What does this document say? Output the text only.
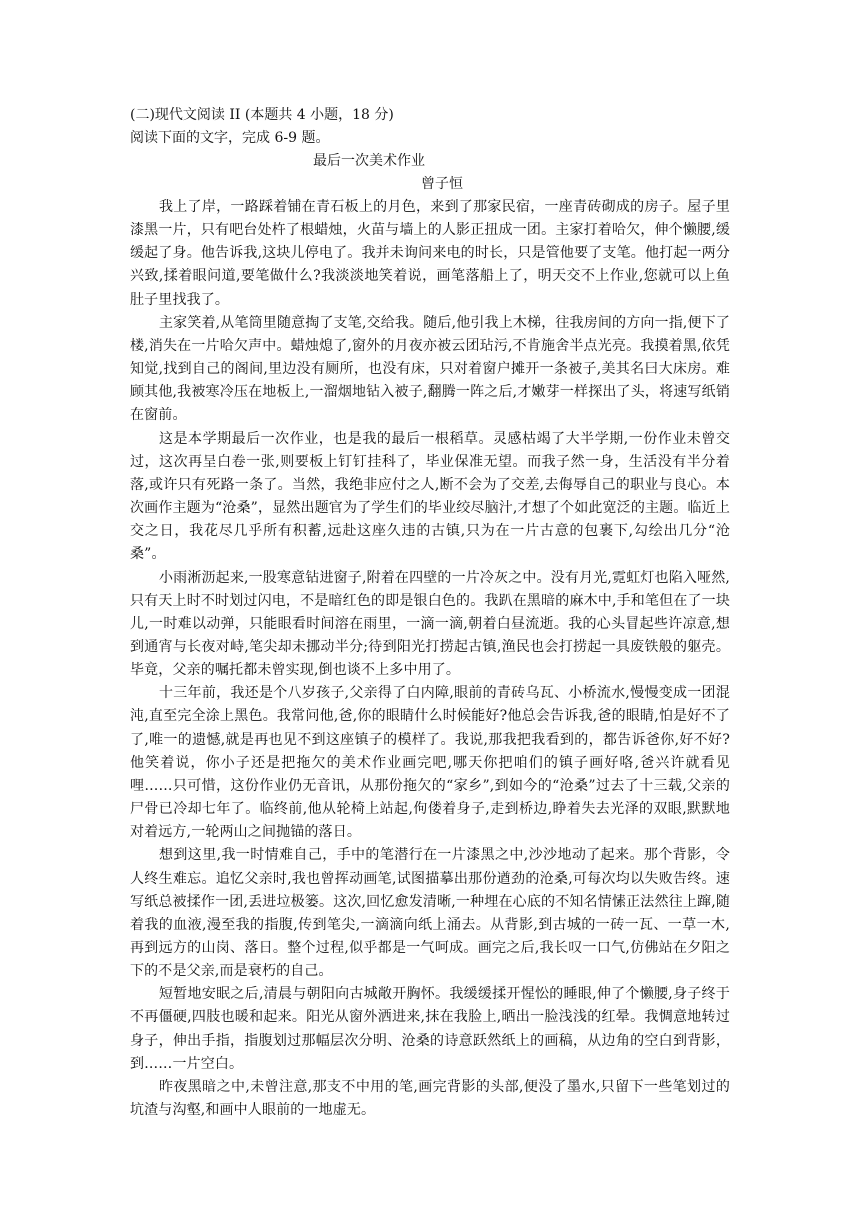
(二)现代文阅读 II (本题共 4 小题，18 分)

阅读下面的文字，完成 6-9 题。

最后一次美术作业

曾子恒

我上了岸，一路踩着铺在青石板上的月色，来到了那家民宿，一座青砖砌成的房子。屋子里漆黑一片，只有吧台处杵了根蜡烛，火苗与墙上的人影正扭成一团。主家打着哈欠，伸个懒腰,缓缓起了身。他告诉我,这块儿停电了。我并未询问来电的时长，只是管他要了支笔。他打起一两分兴致,揉着眼问道,要笔做什么?我淡淡地笑着说，画笔落船上了，明天交不上作业,您就可以上鱼肚子里找我了。

主家笑着,从笔筒里随意掏了支笔,交给我。随后,他引我上木梯，往我房间的方向一指,便下了楼,消失在一片哈欠声中。蜡烛熄了,窗外的月夜亦被云团玷污,不肯施舍半点光亮。我摸着黑,依凭知觉,找到自己的阁间,里边没有厕所，也没有床，只对着窗户摊开一条被子,美其名曰大床房。难顾其他,我被寒冷压在地板上,一溜烟地钻入被子,翻腾一阵之后,才嫩芽一样探出了头，将速写纸销在窗前。

这是本学期最后一次作业，也是我的最后一根稻草。灵感枯竭了大半学期,一份作业未曾交过，这次再呈白卷一张,则要板上钉钉挂科了，毕业保准无望。而我子然一身，生活没有半分着落,或许只有死路一条了。当然，我绝非应付之人,断不会为了交差,去侮辱自己的职业与良心。本次画作主题为“沧桑”，显然出题官为了学生们的毕业绞尽脑汁,才想了个如此宽泛的主题。临近上交之日，我花尽几乎所有积蓄,远赴这座久违的古镇,只为在一片古意的包裹下,勾绘出几分“沧桑”。

小雨淅沥起来,一股寒意钻进窗子,附着在四壁的一片冷灰之中。没有月光,霓虹灯也陷入哑然,只有天上时不时划过闪电，不是暗红色的即是银白色的。我趴在黑暗的麻木中,手和笔但在了一块儿,一时难以动弹，只能眼看时间溶在雨里，一滴一滴,朝着白昼流逝。我的心头冒起些许凉意,想到通宵与长夜对峙,笔尖却未挪动半分;待到阳光打捞起古镇,渔民也会打捞起一具废铁般的躯壳。毕竟，父亲的嘱托都未曾实现,倒也谈不上多中用了。

十三年前，我还是个八岁孩子,父亲得了白内障,眼前的青砖乌瓦、小桥流水,慢慢变成一团混沌,直至完全涂上黑色。我常问他,爸,你的眼睛什么时候能好?他总会告诉我,爸的眼睛,怕是好不了了,唯一的遗憾,就是再也见不到这座镇子的模样了。我说,那我把我看到的，都告诉爸你,好不好?他笑着说，你小子还是把拖欠的美术作业画完吧,哪天你把咱们的镇子画好咯,爸兴许就看见哩……只可惜，这份作业仍无音讯，从那份拖欠的“家乡”,到如今的“沧桑”过去了十三载,父亲的尸骨已冷却七年了。临终前,他从轮椅上站起,佝偻着身子,走到桥边,睁着失去光泽的双眼,默默地对着远方,一轮两山之间抛锚的落日。

想到这里,我一时情难自己，手中的笔潜行在一片漆黑之中,沙沙地动了起来。那个背影，令人终生难忘。追忆父亲时,我也曾挥动画笔,试图描摹出那份遒劲的沧桑,可每次均以失败告终。速写纸总被揉作一团,丢进垃极篓。这次,回忆愈发清晰,一种埋在心底的不知名情愫正法然往上蹿,随着我的血液,漫至我的指腹,传到笔尖,一滴滴向纸上涌去。从背影,到古城的一砖一瓦、一草一木,再到远方的山岗、落日。整个过程,似乎都是一气呵成。画完之后,我长叹一口气,仿佛站在夕阳之下的不是父亲,而是衰朽的自己。

短暂地安眠之后,清晨与朝阳向古城敞开胸怀。我缓缓揉开惺忪的睡眼,伸了个懒腰,身子终于不再僵硬,四肢也暖和起来。阳光从窗外洒进来,抹在我脸上,晒出一脸浅浅的红晕。我惆意地转过身子，伸出手指，指腹划过那幅层次分明、沧桑的诗意跃然纸上的画稿，从边角的空白到背影，到……一片空白。

昨夜黑暗之中,未曾注意,那支不中用的笔,画完背影的头部,便没了墨水,只留下一些笔划过的坑渣与沟壑,和画中人眼前的一地虚无。
